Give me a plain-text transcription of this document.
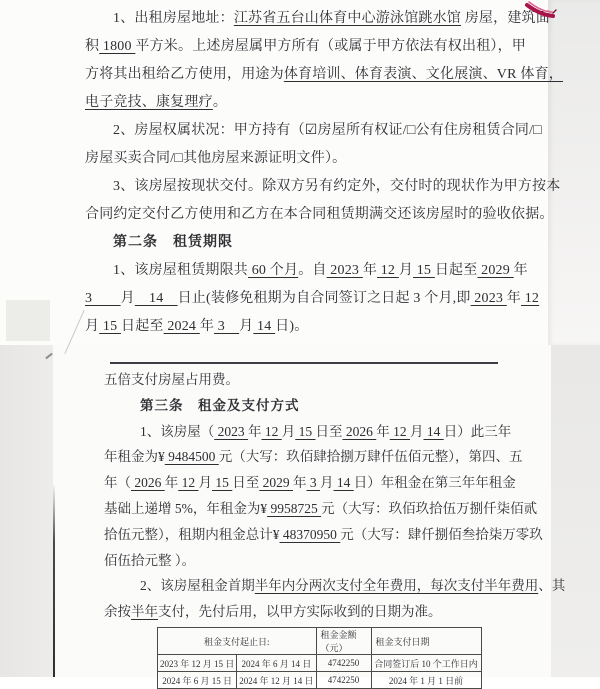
1、出租房屋地址：江苏省五台山体育中心游泳馆跳水馆 房屋，建筑面
积 1800 平方米。上述房屋属甲方所有（或属于甲方依法有权出租），甲
方将其出租给乙方使用，用途为体育培训、体育表演、文化展演、VR 体育，
电子竞技、康复理疗。
2、房屋权属状况：甲方持有（☑房屋所有权证/□公有住房租赁合同/□
房屋买卖合同/□其他房屋来源证明文件）。
3、该房屋按现状交付。除双方另有约定外，交付时的现状作为甲方按本
合同约定交付乙方使用和乙方在本合同租赁期满交还该房屋时的验收依据。
第二条　租赁期限
1、该房屋租赁期限共 60 个月。自 2023 年 12 月 15 日起至 2029 年
3　　月　14　日止(装修免租期为自合同签订之日起 3 个月,即 2023 年 12
月 15 日起至 2024 年 3　月 14 日)。
五倍支付房屋占用费。
第三条　租金及支付方式
1、该房屋（ 2023 年 12 月 15 日至 2026 年 12 月 14 日）此三年
年租金为¥ 9484500 元（大写：玖佰肆拾捌万肆仟伍佰元整），第四、五
年（ 2026 年 12 月 15 日至 2029 年 3 月 14 日）年租金在第三年年租金
基础上递增 5%，年租金为¥ 9958725 元（大写：玖佰玖拾伍万捌仟柒佰贰
拾伍元整），租期内租金总计¥ 48370950 元（大写：肆仟捌佰叁拾柒万零玖
佰伍拾元整 ）。
2、该房屋租金首期半年内分两次支付全年费用，每次支付半年费用、其
余按半年支付，先付后用，以甲方实际收到的日期为准。
租金支付起止日:		租金金额（元）	租金支付日期
2023 年 12 月 15 日	2024 年 6 月 14 日	4742250	合同签订后 10 个工作日内
2024 年 6 月 15 日	2024 年 12 月 14 日	4742250	2024 年 1 月 1 日前
